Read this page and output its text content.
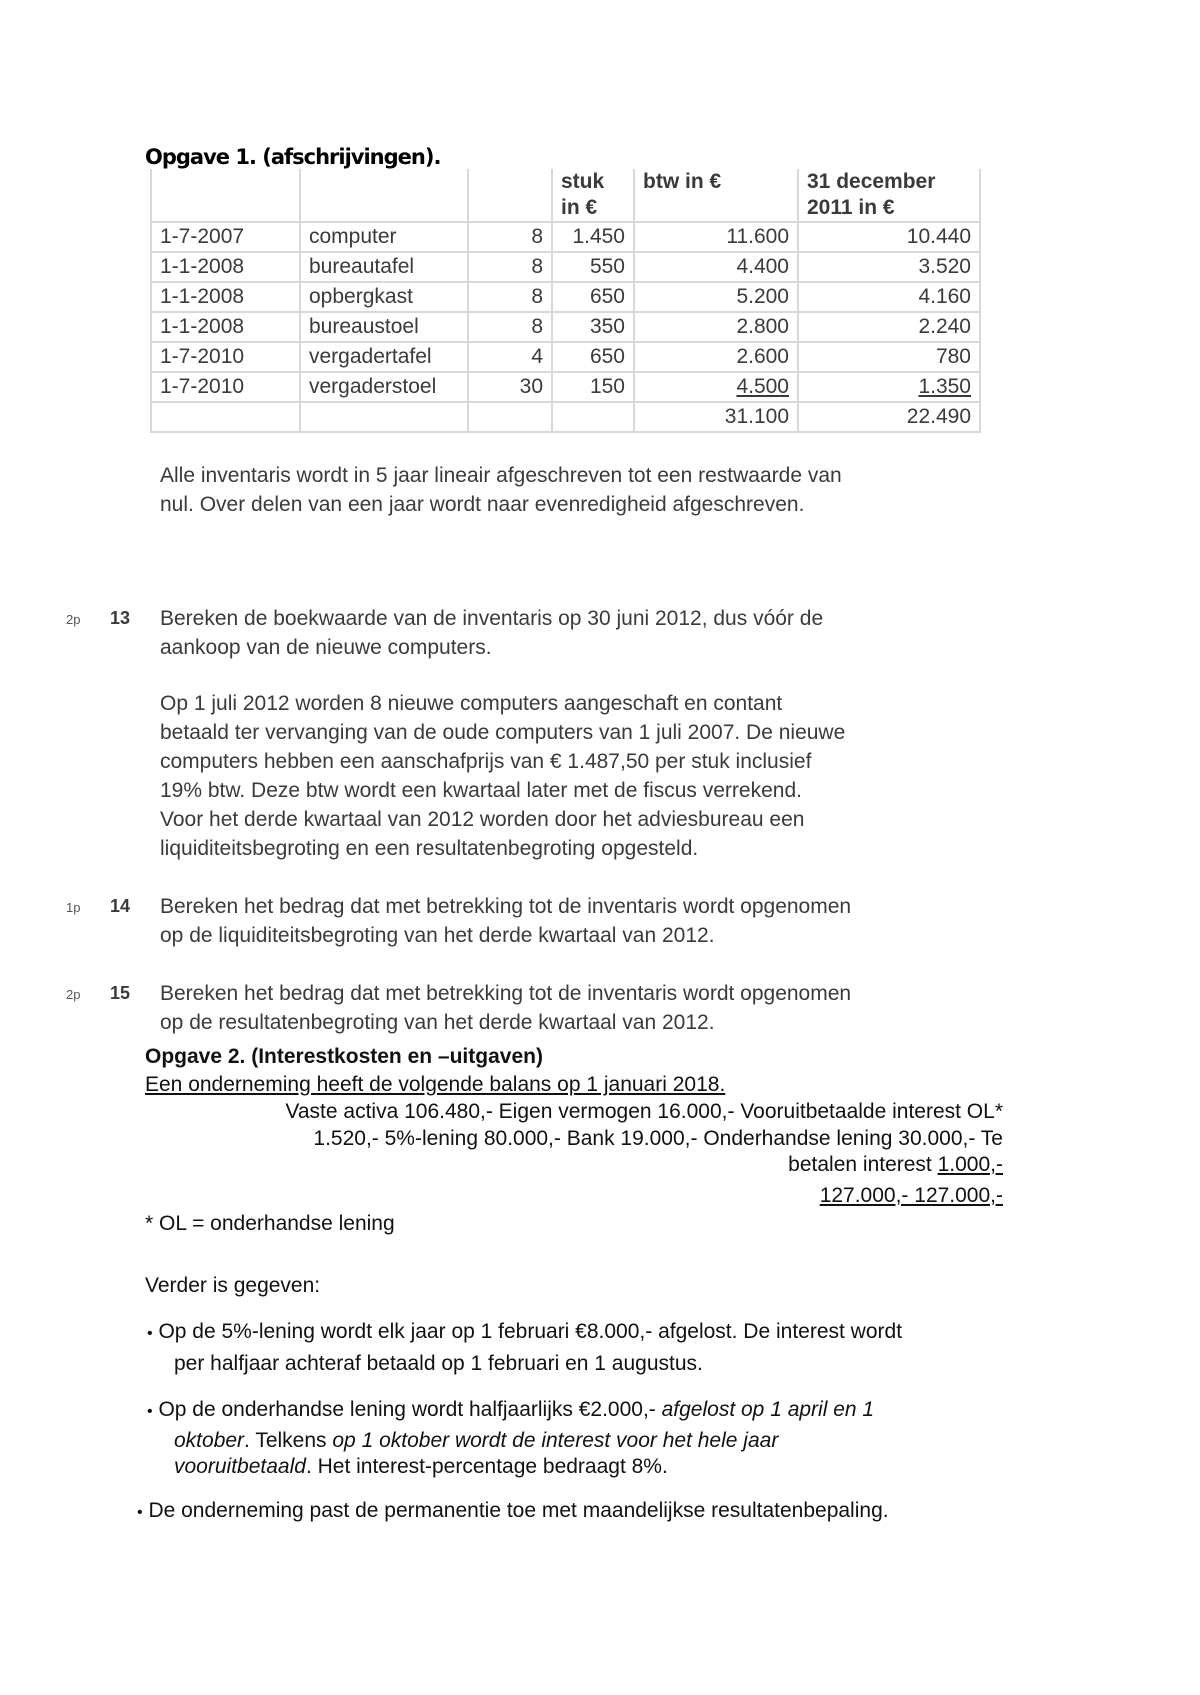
Opgave 1. (afschrijvingen).
			stuk in €	btw in €	31 december 2011 in €
1-7-2007	computer	8	1.450	11.600	10.440
1-1-2008	bureautafel	8	550	4.400	3.520
1-1-2008	opbergkast	8	650	5.200	4.160
1-1-2008	bureaustoel	8	350	2.800	2.240
1-7-2010	vergadertafel	4	650	2.600	780
1-7-2010	vergaderstoel	30	150	4.500	1.350
				31.100	22.490
Alle inventaris wordt in 5 jaar lineair afgeschreven tot een restwaarde van
nul. Over delen van een jaar wordt naar evenredigheid afgeschreven.
2p 13 Bereken de boekwaarde van de inventaris op 30 juni 2012, dus vóór de
aankoop van de nieuwe computers.
Op 1 juli 2012 worden 8 nieuwe computers aangeschaft en contant
betaald ter vervanging van de oude computers van 1 juli 2007. De nieuwe
computers hebben een aanschafprijs van € 1.487,50 per stuk inclusief
19% btw. Deze btw wordt een kwartaal later met de fiscus verrekend.
Voor het derde kwartaal van 2012 worden door het adviesbureau een
liquiditeitsbegroting en een resultatenbegroting opgesteld.
1p 14 Bereken het bedrag dat met betrekking tot de inventaris wordt opgenomen
op de liquiditeitsbegroting van het derde kwartaal van 2012.
2p 15 Bereken het bedrag dat met betrekking tot de inventaris wordt opgenomen
op de resultatenbegroting van het derde kwartaal van 2012.
Opgave 2. (Interestkosten en –uitgaven)
Een onderneming heeft de volgende balans op 1 januari 2018.
Vaste activa 106.480,- Eigen vermogen 16.000,- Vooruitbetaalde interest OL*
1.520,- 5%-lening 80.000,- Bank 19.000,- Onderhandse lening 30.000,- Te
betalen interest 1.000,-
127.000,- 127.000,-
* OL = onderhandse lening
Verder is gegeven:
• Op de 5%-lening wordt elk jaar op 1 februari €8.000,- afgelost. De interest wordt
per halfjaar achteraf betaald op 1 februari en 1 augustus.
• Op de onderhandse lening wordt halfjaarlijks €2.000,- afgelost op 1 april en 1
oktober. Telkens op 1 oktober wordt de interest voor het hele jaar
vooruitbetaald. Het interest-percentage bedraagt 8%.
• De onderneming past de permanentie toe met maandelijkse resultatenbepaling.
